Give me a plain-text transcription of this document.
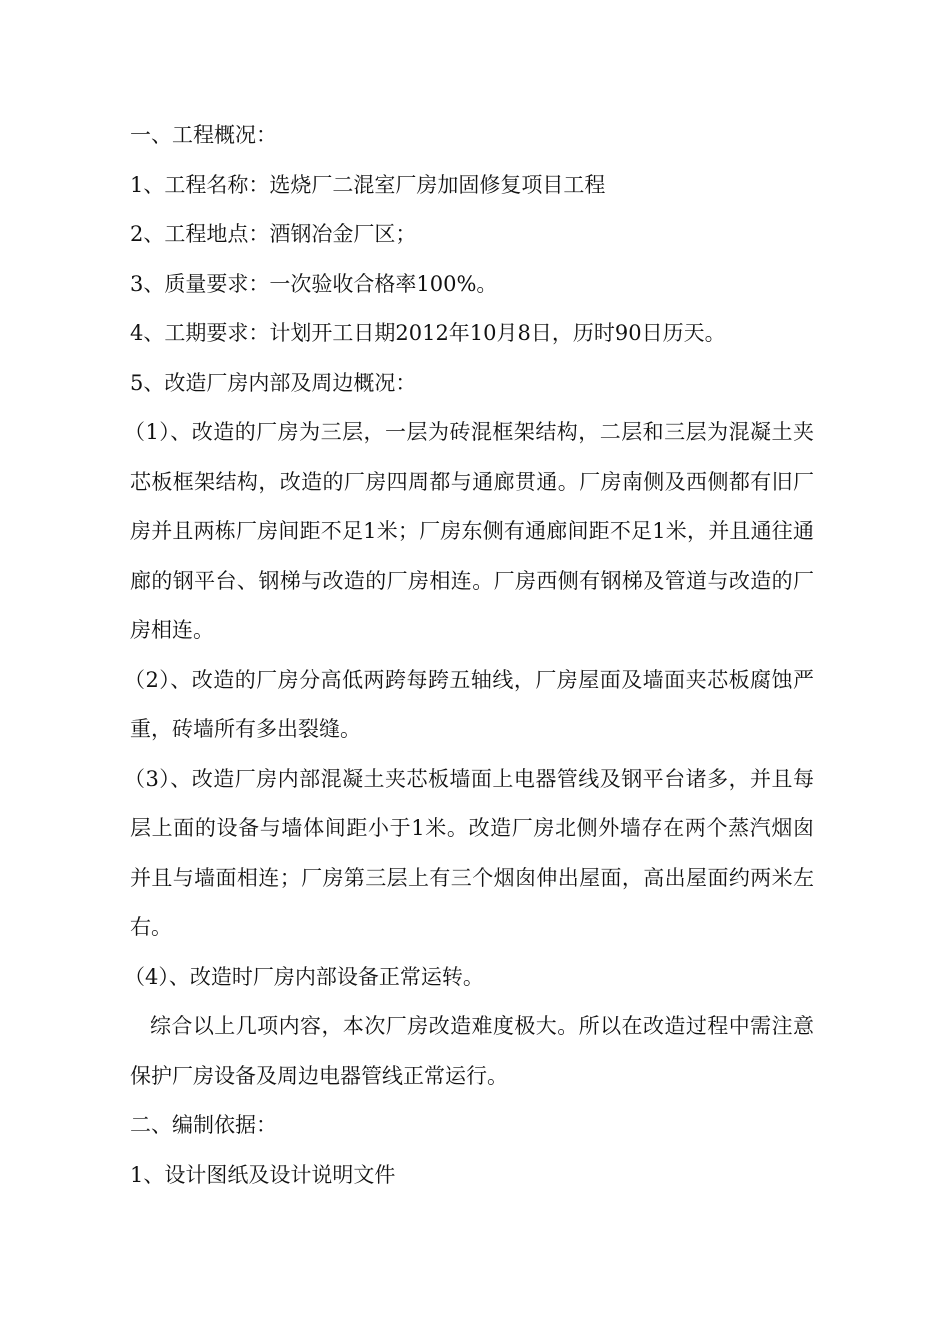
一、工程概况：
1、工程名称：选烧厂二混室厂房加固修复项目工程
2、工程地点：酒钢冶金厂区；
3、质量要求：一次验收合格率100%。
4、工期要求：计划开工日期2012年10月8日，历时90日历天。
5、改造厂房内部及周边概况：
（1）、改造的厂房为三层，一层为砖混框架结构，二层和三层为混凝土夹芯板框架结构，改造的厂房四周都与通廊贯通。厂房南侧及西侧都有旧厂房并且两栋厂房间距不足1米；厂房东侧有通廊间距不足1米，并且通往通廊的钢平台、钢梯与改造的厂房相连。厂房西侧有钢梯及管道与改造的厂房相连。
（2）、改造的厂房分高低两跨每跨五轴线，厂房屋面及墙面夹芯板腐蚀严重，砖墙所有多出裂缝。
（3）、改造厂房内部混凝土夹芯板墙面上电器管线及钢平台诸多，并且每层上面的设备与墙体间距小于1米。改造厂房北侧外墙存在两个蒸汽烟囱并且与墙面相连；厂房第三层上有三个烟囱伸出屋面，高出屋面约两米左右。
（4）、改造时厂房内部设备正常运转。
综合以上几项内容，本次厂房改造难度极大。所以在改造过程中需注意保护厂房设备及周边电器管线正常运行。
二、编制依据：
1、设计图纸及设计说明文件
